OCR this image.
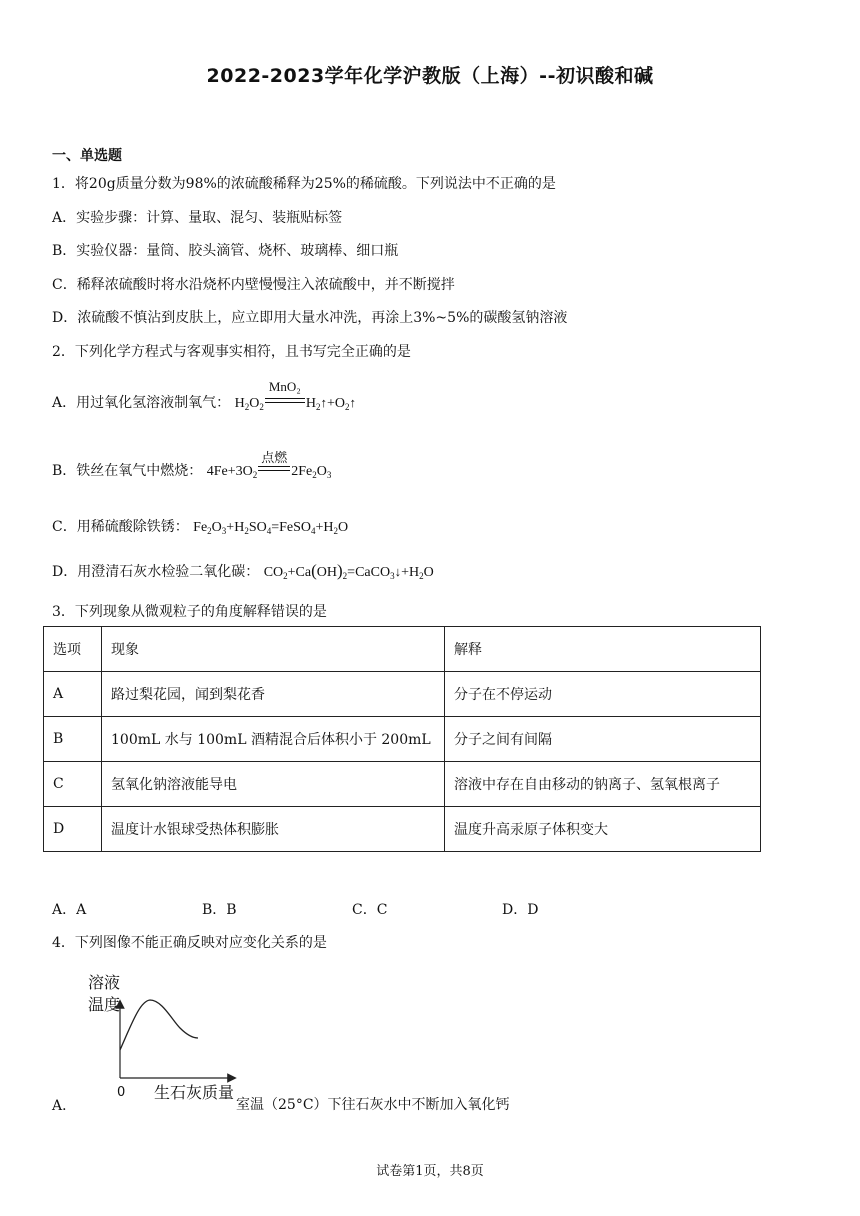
2022-2023学年化学沪教版（上海）--初识酸和碱
一、单选题
1．将20g质量分数为98%的浓硫酸稀释为25%的稀硫酸。下列说法中不正确的是
A．实验步骤：计算、量取、混匀、装瓶贴标签
B．实验仪器：量筒、胶头滴管、烧杯、玻璃棒、细口瓶
C．稀释浓硫酸时将水沿烧杯内壁慢慢注入浓硫酸中，并不断搅拌
D．浓硫酸不慎沾到皮肤上，应立即用大量水冲洗，再涂上3%~5%的碳酸氢钠溶液
2．下列化学方程式与客观事实相符，且书写完全正确的是
A．用过氧化氢溶液制氧气： $H_2O_2$
MnO₂
$H_2↑+O_2↑$
B．铁丝在氧气中燃烧： $4Fe+3O_2$
点燃
$2Fe_2O_3$
C．用稀硫酸除铁锈： $Fe_2O_3+H_2SO_4=FeSO_4+H_2O$
D．用澄清石灰水检验二氧化碳： $CO_2+Ca(OH)_2=CaCO_3↓+H_2O$
3．下列现象从微观粒子的角度解释错误的是
选项	现象	解释
A	路过梨花园，闻到梨花香	分子在不停运动
B	100mL 水与 100mL 酒精混合后体积小于 200mL	分子之间有间隔
C	氢氧化钠溶液能导电	溶液中存在自由移动的钠离子、氢氧根离子
D	温度计水银球受热体积膨胀	温度升高汞原子体积变大
A．A	B．B	C．C	D．D
4．下列图像不能正确反映对应变化关系的是
A．
溶液
温度
0 生石灰质量
室温（25°C）下往石灰水中不断加入氧化钙
试卷第1页，共8页
